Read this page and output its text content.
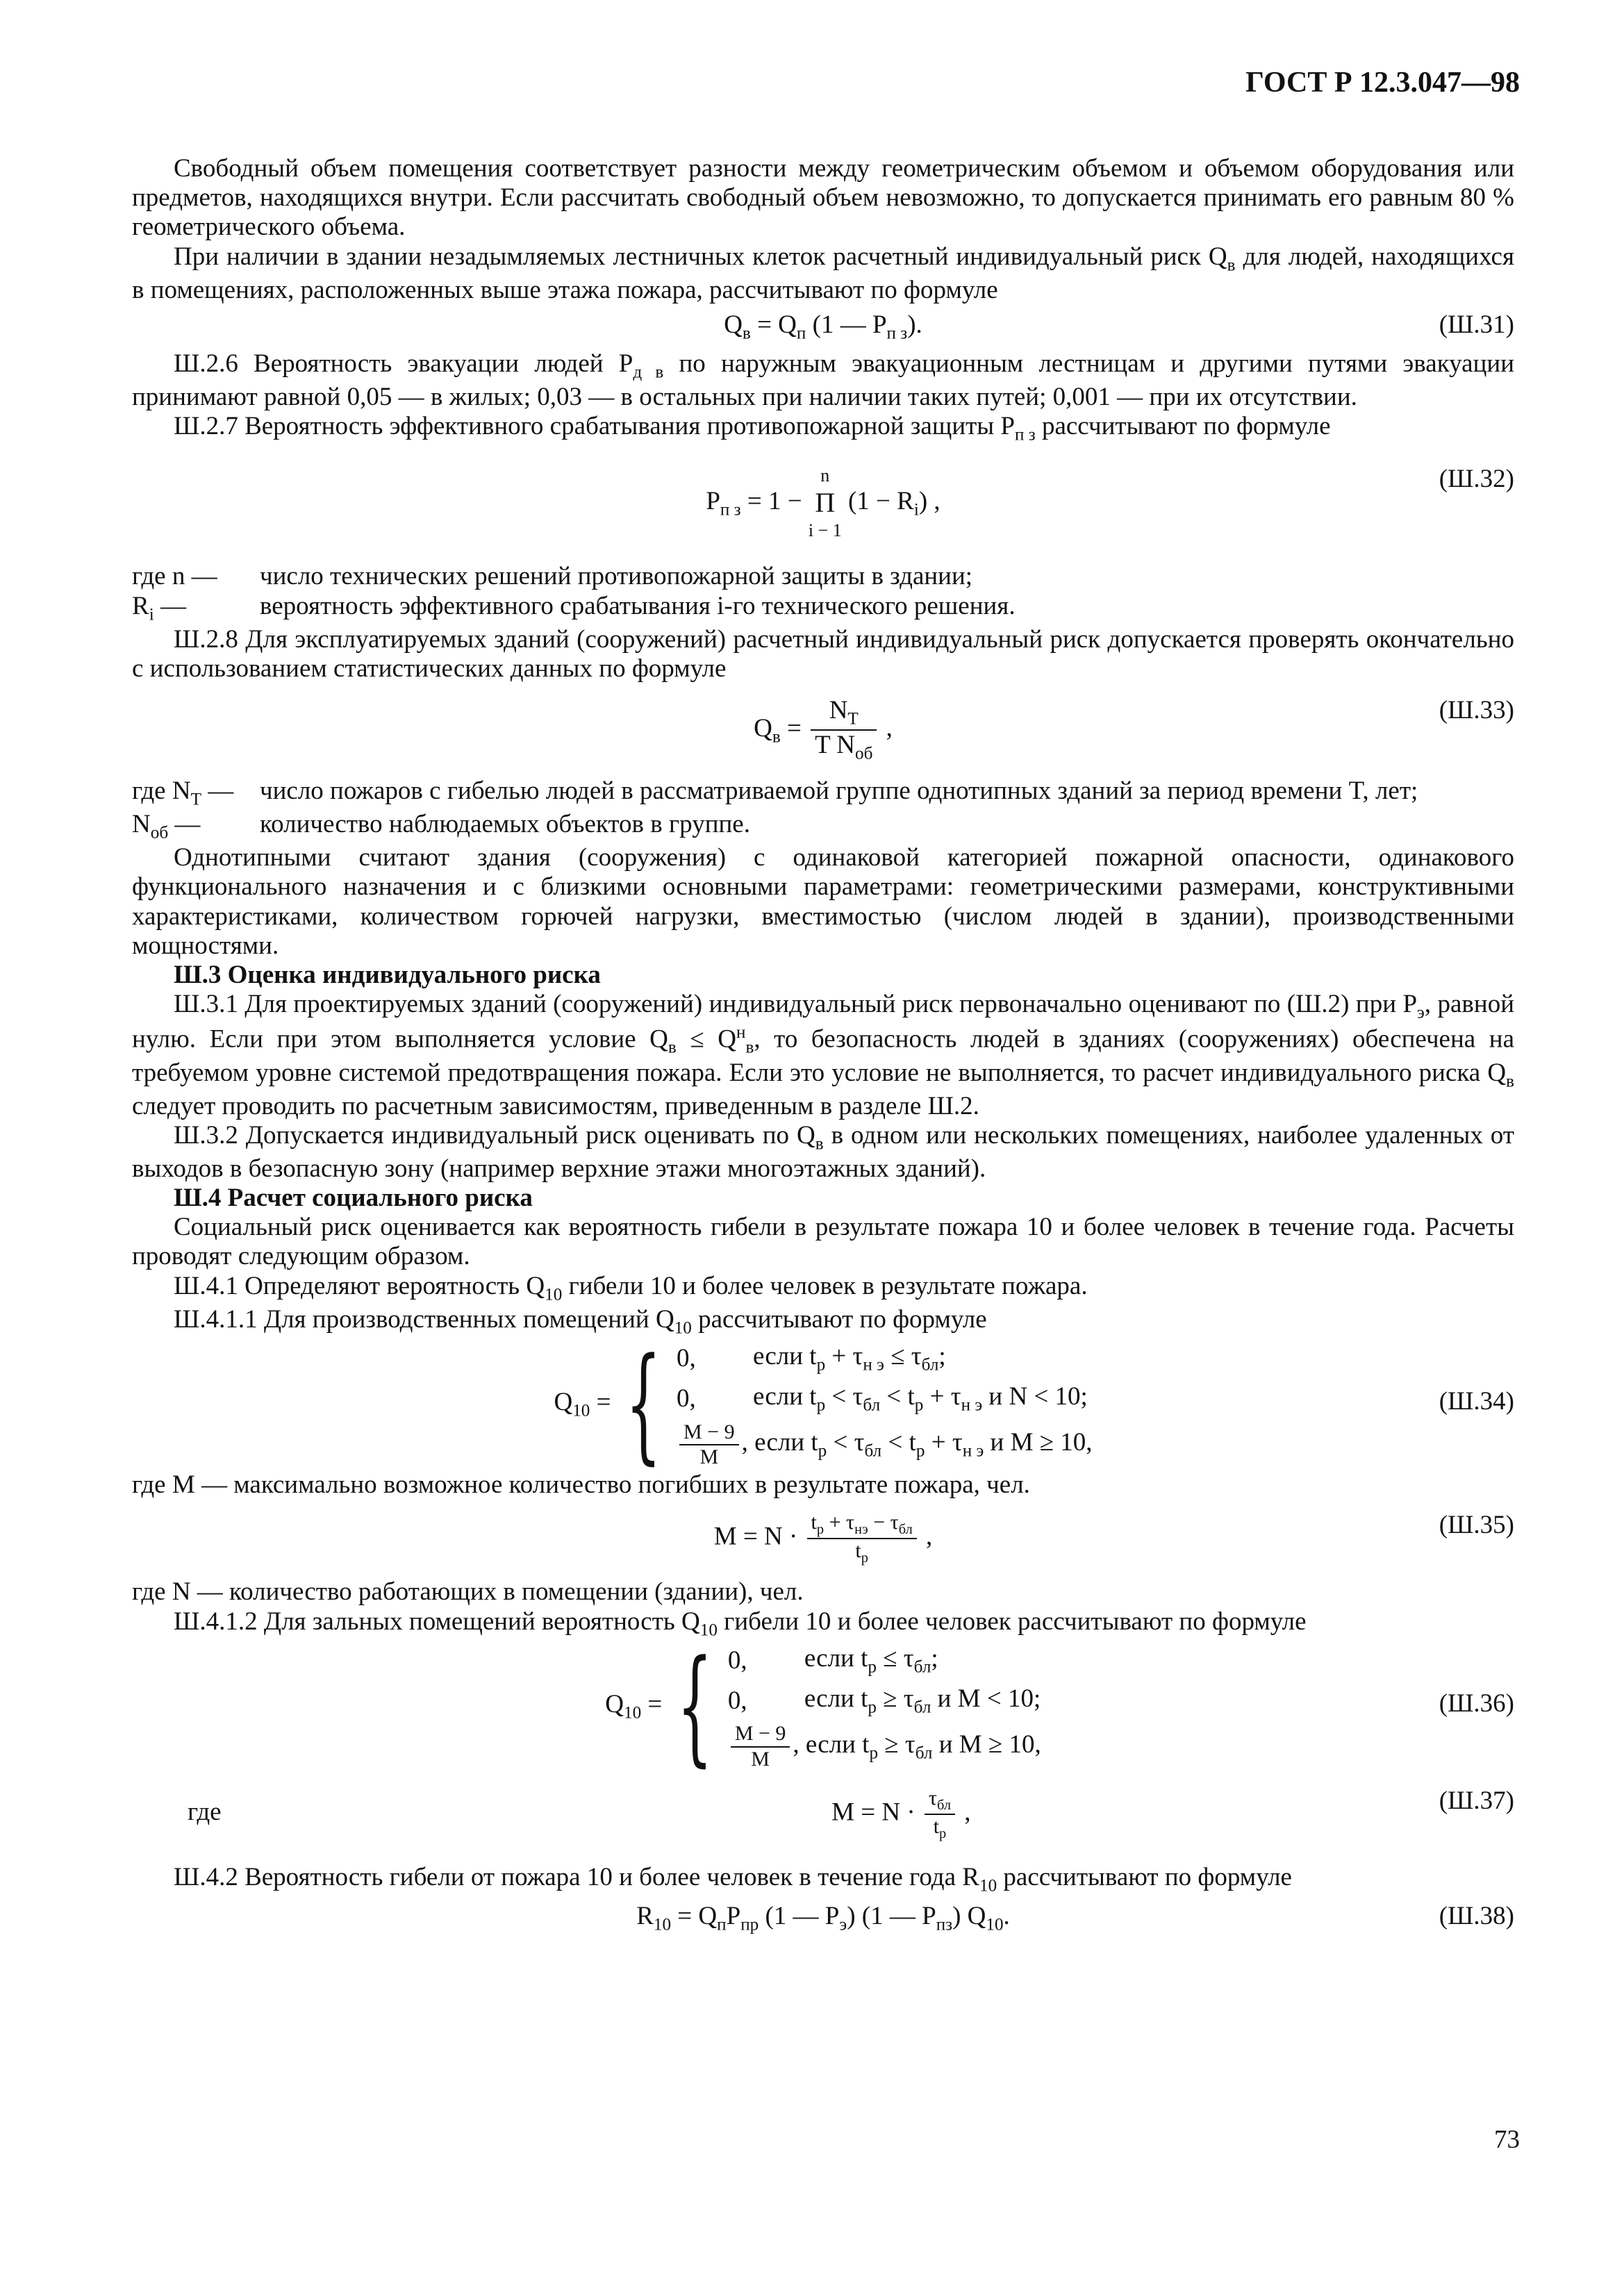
ГОСТ Р 12.3.047—98

Свободный объем помещения соответствует разности между геометрическим объемом и объемом оборудования или предметов, находящихся внутри. Если рассчитать свободный объем невозможно, то допускается принимать его равным 80 % геометрического объема.

При наличии в здании незадымляемых лестничных клеток расчетный индивидуальный риск $Q_в$ для людей, находящихся в помещениях, расположенных выше этажа пожара, рассчитывают по формуле

$Q_в = Q_п$ (1 — $P_{п з}$).	(Ш.31)

Ш.2.6 Вероятность эвакуации людей $P_{д в}$ по наружным эвакуационным лестницам и другими путями эвакуации принимают равной 0,05 — в жилых; 0,03 — в остальных при наличии таких путей; 0,001 — при их отсутствии.

Ш.2.7 Вероятность эффективного срабатывания противопожарной защиты $P_{п з}$ рассчитывают по формуле

$P_{п з} = 1$ −
n
Π
i − 1
$(1 - R_i)$ ,
(Ш.32)
где n —	число технических решений противопожарной защиты в здании;
$R_i$ —	вероятность эффективного срабатывания i-го технического решения.

Ш.2.8 Для эксплуатируемых зданий (сооружений) расчетный индивидуальный риск допускается проверять окончательно с использованием статистических данных по формуле

$Q_в = \frac{N_T}{T N_{об}}$ ,
(Ш.33)
где $N_T$ —	число пожаров с гибелью людей в рассматриваемой группе однотипных зданий за период времени T, лет;
$N_{об}$ —	количество наблюдаемых объектов в группе.

Однотипными считают здания (сооружения) с одинаковой категорией пожарной опасности, одинакового функционального назначения и с близкими основными параметрами: геометрическими размерами, конструктивными характеристиками, количеством горючей нагрузки, вместимостью (числом людей в здании), производственными мощностями.

Ш.3 Оценка индивидуального риска

Ш.3.1 Для проектируемых зданий (сооружений) индивидуальный риск первоначально оценивают по (Ш.2) при $P_э$, равной нулю. Если при этом выполняется условие $Q_в \le Q^н_в$, то безопасность людей в зданиях (сооружениях) обеспечена на требуемом уровне системой предотвращения пожара. Если это условие не выполняется, то расчет индивидуального риска $Q_в$ следует проводить по расчетным зависимостям, приведенным в разделе Ш.2.

Ш.3.2 Допускается индивидуальный риск оценивать по $Q_в$ в одном или нескольких помещениях, наиболее удаленных от выходов в безопасную зону (например верхние этажи многоэтажных зданий).

Ш.4 Расчет социального риска

Социальный риск оценивается как вероятность гибели в результате пожара 10 и более человек в течение года. Расчеты проводят следующим образом.

Ш.4.1 Определяют вероятность $Q_{10}$ гибели 10 и более человек в результате пожара.

Ш.4.1.1 Для производственных помещений $Q_{10}$ рассчитывают по формуле

$Q_{10}$ = { 0,	если $t_р + \tau_{н э} \le \tau_{бл}$;
0,	если $t_р < \tau_{бл} < t_р + \tau_{н э}$ и N < 10;
$\frac{M - 9}{M}$ , если $t_р < \tau_{бл} < t_р + \tau_{н э}$ и M ≥ 10,
(Ш.34)

где M — максимально возможное количество погибших в результате пожара, чел.

$M = N \cdot \frac{t_р + \tau_{нэ} - \tau_{бл}}{t_р}$ ,	(Ш.35)

где N — количество работающих в помещении (здании), чел.

Ш.4.1.2 Для зальных помещений вероятность $Q_{10}$ гибели 10 и более человек рассчитывают по формуле

$Q_{10}$ = { 0,	если $t_р \le \tau_{бл}$;
0,	если $t_р \ge \tau_{бл}$ и M < 10;
$\frac{M - 9}{M}$ , если $t_р \ge \tau_{бл}$ и M ≥ 10,
(Ш.36)
где	$M = N \cdot \frac{\tau_{бл}}{t_р}$ ,	(Ш.37)

Ш.4.2 Вероятность гибели от пожара 10 и более человек в течение года $R_{10}$ рассчитывают по формуле

$R_{10} = Q_пP_{пр}$ (1 — $P_э$) (1 — $P_{пз}$) $Q_{10}$.	(Ш.38)
73
